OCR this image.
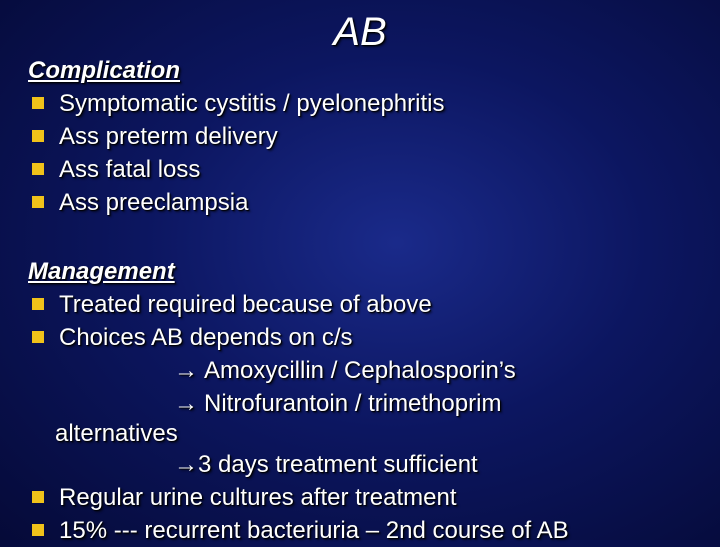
AB
Complication
Symptomatic cystitis / pyelonephritis
Ass preterm delivery
Ass fatal loss
Ass preeclampsia
Management
Treated required because of above
Choices AB depends on c/s
→ Amoxycillin / Cephalosporin’s
→ Nitrofurantoin / trimethoprim
alternatives
→ 3 days treatment sufficient
Regular urine cultures after treatment
15% --- recurrent bacteriuria – 2nd course of AB
